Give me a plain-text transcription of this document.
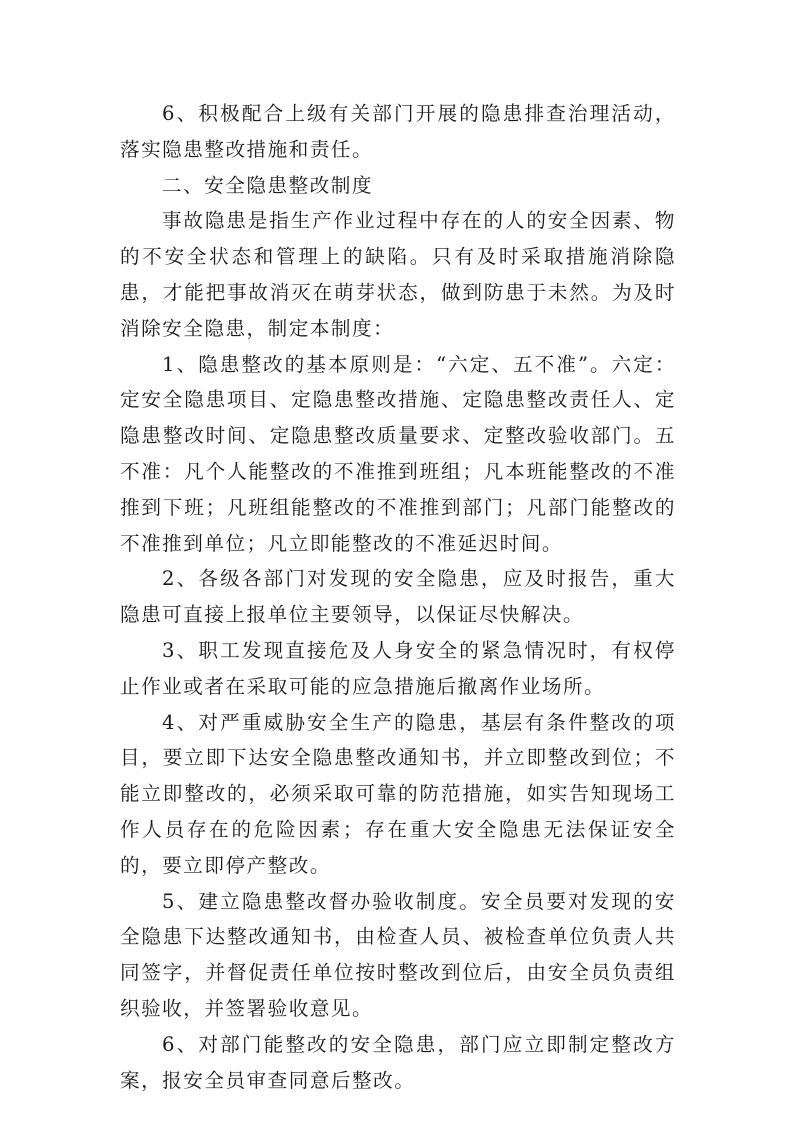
6、积极配合上级有关部门开展的隐患排查治理活动，落实隐患整改措施和责任。

二、安全隐患整改制度

事故隐患是指生产作业过程中存在的人的安全因素、物的不安全状态和管理上的缺陷。只有及时采取措施消除隐患，才能把事故消灭在萌芽状态，做到防患于未然。为及时消除安全隐患，制定本制度：

1、隐患整改的基本原则是：“六定、五不准”。六定：定安全隐患项目、定隐患整改措施、定隐患整改责任人、定隐患整改时间、定隐患整改质量要求、定整改验收部门。五不准：凡个人能整改的不准推到班组；凡本班能整改的不准推到下班；凡班组能整改的不准推到部门；凡部门能整改的不准推到单位；凡立即能整改的不准延迟时间。

2、各级各部门对发现的安全隐患，应及时报告，重大隐患可直接上报单位主要领导，以保证尽快解决。

3、职工发现直接危及人身安全的紧急情况时，有权停止作业或者在采取可能的应急措施后撤离作业场所。

4、对严重威胁安全生产的隐患，基层有条件整改的项目，要立即下达安全隐患整改通知书，并立即整改到位；不能立即整改的，必须采取可靠的防范措施，如实告知现场工作人员存在的危险因素；存在重大安全隐患无法保证安全的，要立即停产整改。

5、建立隐患整改督办验收制度。安全员要对发现的安全隐患下达整改通知书，由检查人员、被检查单位负责人共同签字，并督促责任单位按时整改到位后，由安全员负责组织验收，并签署验收意见。

6、对部门能整改的安全隐患，部门应立即制定整改方案，报安全员审查同意后整改。
